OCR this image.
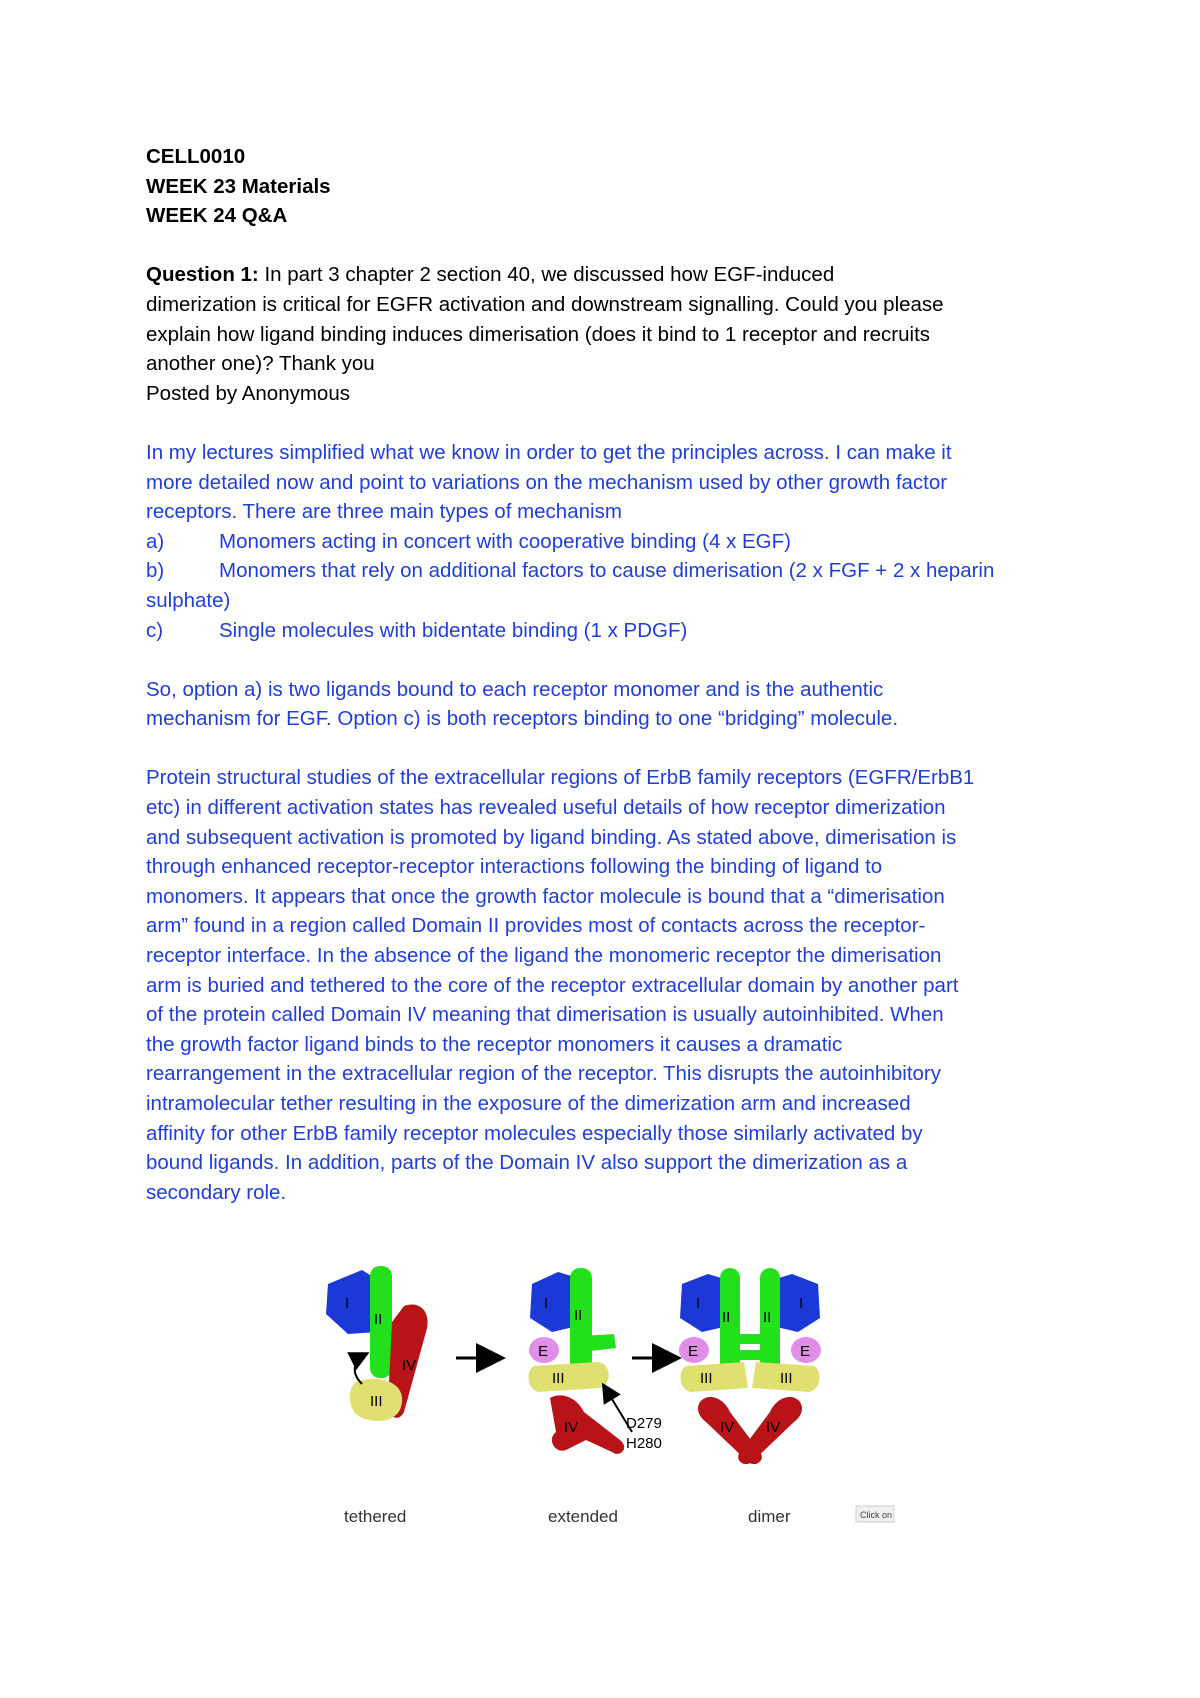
CELL0010
WEEK 23 Materials
WEEK 24 Q&A
Question 1: In part 3 chapter 2 section 40, we discussed how EGF-induced
dimerization is critical for EGFR activation and downstream signalling. Could you please
explain how ligand binding induces dimerisation (does it bind to 1 receptor and recruits
another one)? Thank you
Posted by Anonymous
In my lectures simplified what we know in order to get the principles across. I can make it
more detailed now and point to variations on the mechanism used by other growth factor
receptors. There are three main types of mechanism
a)	Monomers acting in concert with cooperative binding (4 x EGF)
b)	Monomers that rely on additional factors to cause dimerisation (2 x FGF + 2 x heparin
sulphate)
c)	Single molecules with bidentate binding (1 x PDGF)
So, option a) is two ligands bound to each receptor monomer and is the authentic
mechanism for EGF. Option c) is both receptors binding to one “bridging” molecule.
Protein structural studies of the extracellular regions of ErbB family receptors (EGFR/ErbB1
etc) in different activation states has revealed useful details of how receptor dimerization
and subsequent activation is promoted by ligand binding. As stated above, dimerisation is
through enhanced receptor-receptor interactions following the binding of ligand to
monomers. It appears that once the growth factor molecule is bound that a “dimerisation
arm” found in a region called Domain II provides most of contacts across the receptor-
receptor interface. In the absence of the ligand the monomeric receptor the dimerisation
arm is buried and tethered to the core of the receptor extracellular domain by another part
of the protein called Domain IV meaning that dimerisation is usually autoinhibited. When
the growth factor ligand binds to the receptor monomers it causes a dramatic
rearrangement in the extracellular region of the receptor. This disrupts the autoinhibitory
intramolecular tether resulting in the exposure of the dimerization arm and increased
affinity for other ErbB family receptor molecules especially those similarly activated by
bound ligands. In addition, parts of the Domain IV also support the dimerization as a
secondary role.
I
II
IV
III
I
II
E
III
IV	D279
H280
I
II II
I
E	E
III	III
IV IV
tethered	extended	dimer	Click on
